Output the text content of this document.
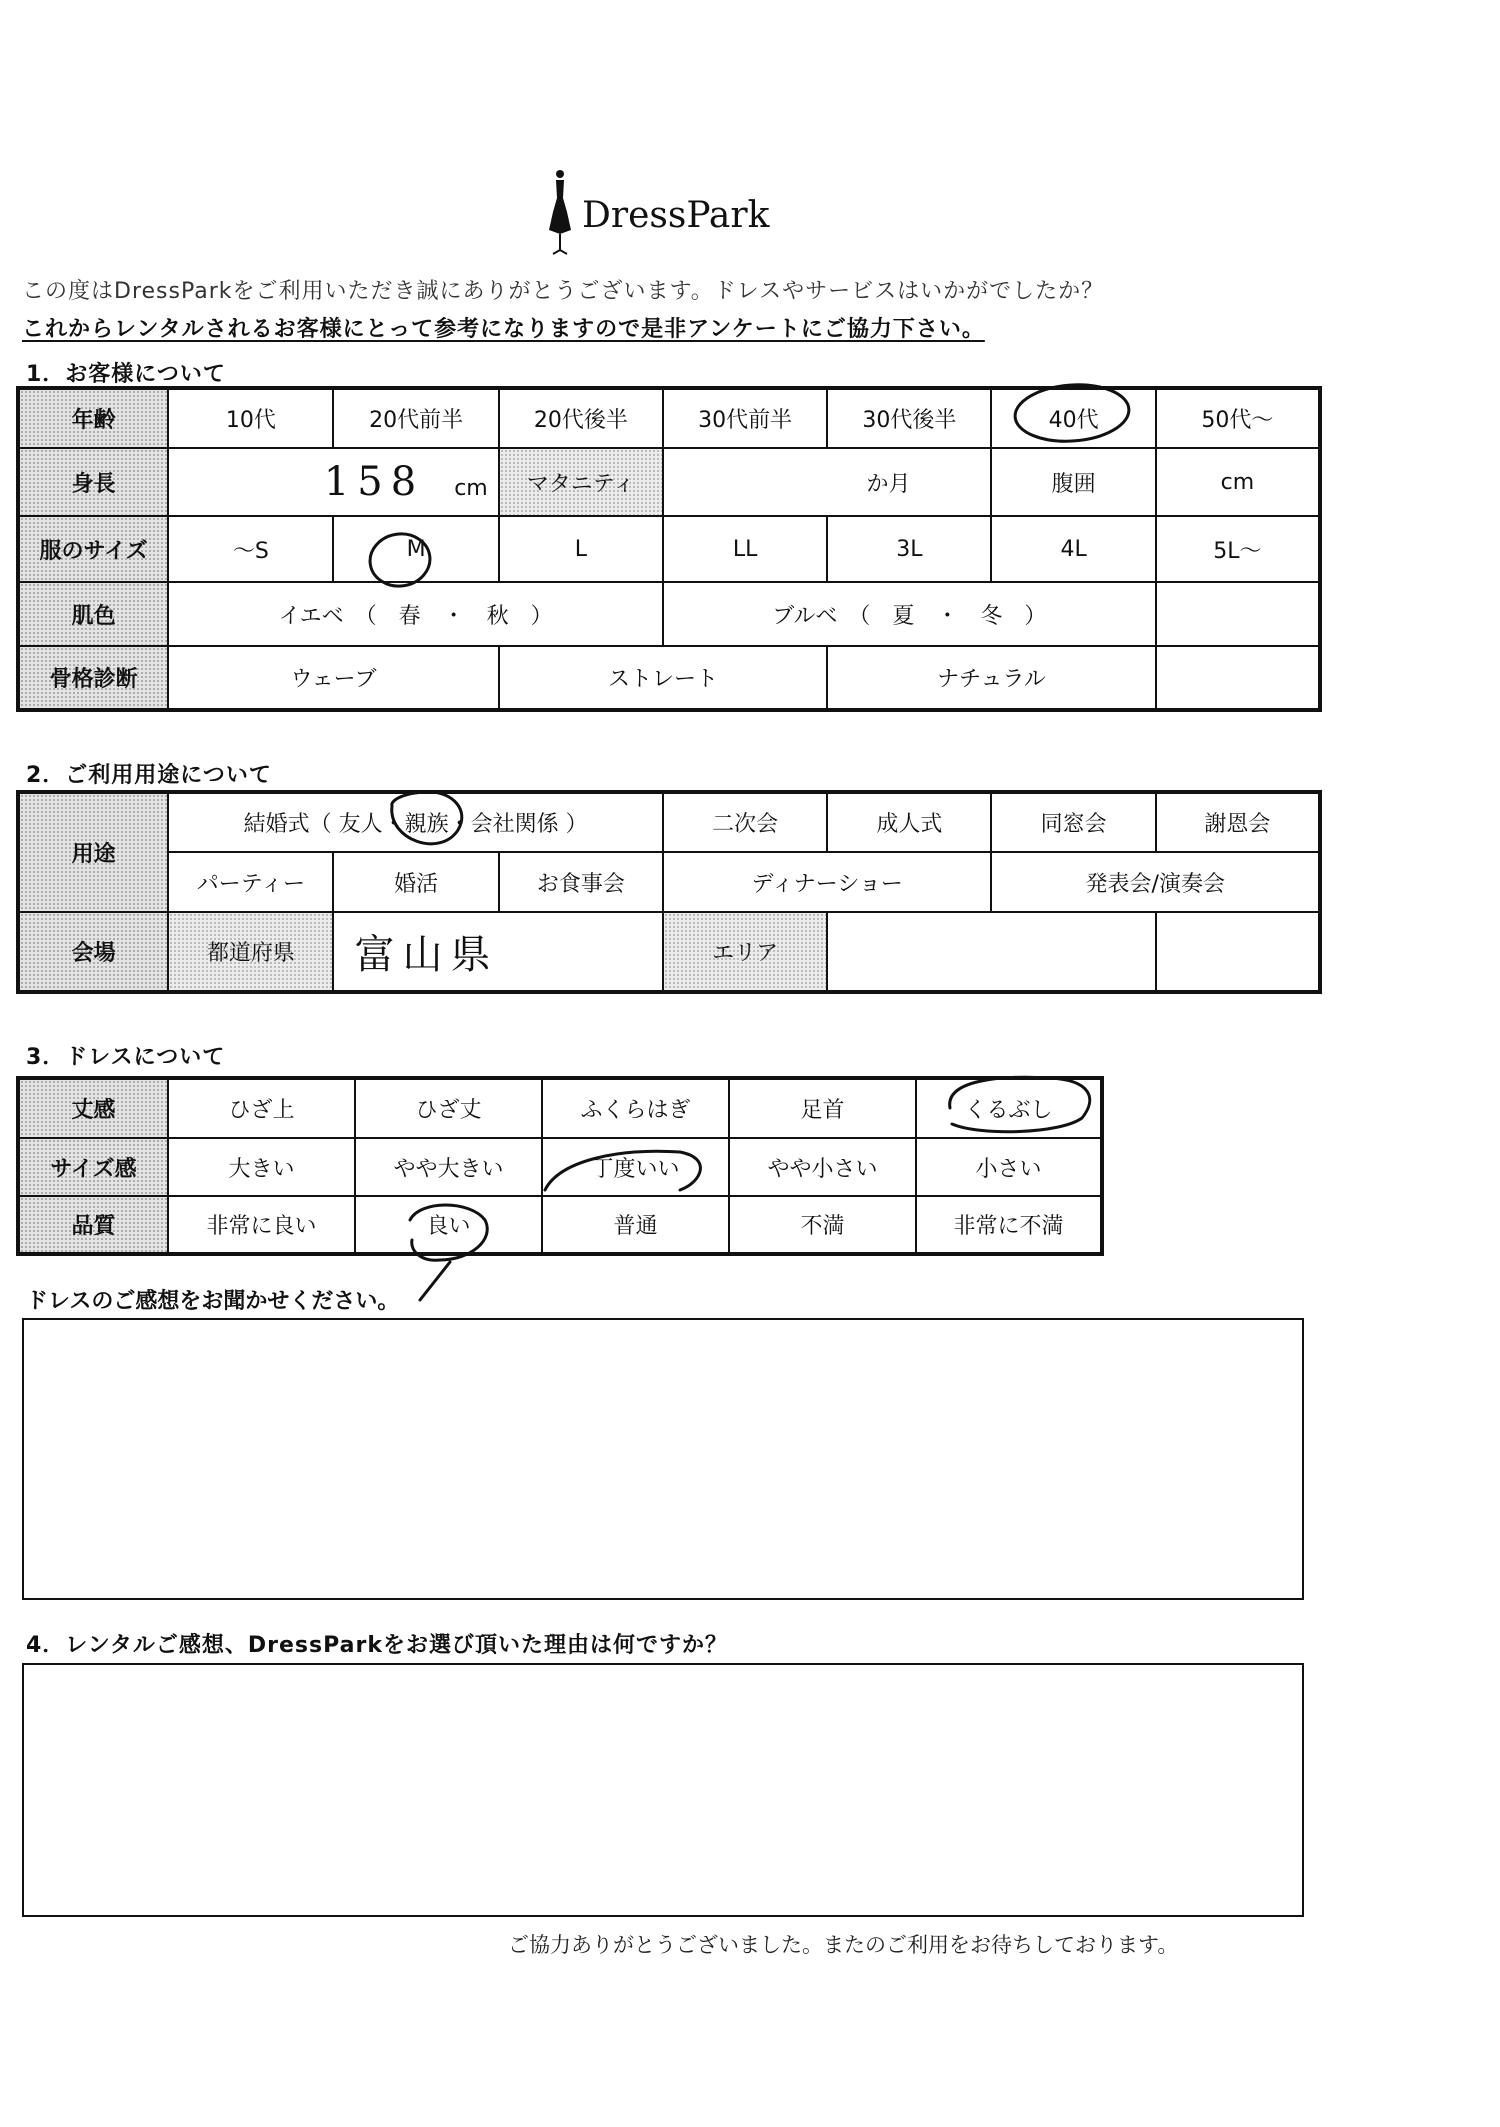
DressPark
この度はDressParkをご利用いただき誠にありがとうございます。ドレスやサービスはいかがでしたか？
これからレンタルされるお客様にとって参考になりますので是非アンケートにご協力下さい。
1．お客様について
年齢	10代	20代前半	20代後半	30代前半	30代後半	40代	50代～
身長	158 cm		マタニティ	か月		腹囲	cm
服のサイズ	～S	M	L	LL	3L	4L	5L～
肌色	イエベ　（　春　・　秋　）			ブルベ　（　夏　・　冬　）			
骨格診断	ウェーブ		ストレート		ナチュラル		
2．ご利用用途について
用途	結婚式（ 友人・親族・会社関係 ）			二次会	成人式	同窓会	謝恩会
	パーティー	婚活	お食事会	ディナーショー		発表会/演奏会	
会場	都道府県	富山県		エリア			
3．ドレスについて
丈感	ひざ上	ひざ丈	ふくらはぎ	足首	くるぶし
サイズ感	大きい	やや大きい	丁度いい	やや小さい	小さい
品質	非常に良い	良い	普通	不満	非常に不満
ドレスのご感想をお聞かせください。
4．レンタルご感想、DressParkをお選び頂いた理由は何ですか？
ご協力ありがとうございました。またのご利用をお待ちしております。
